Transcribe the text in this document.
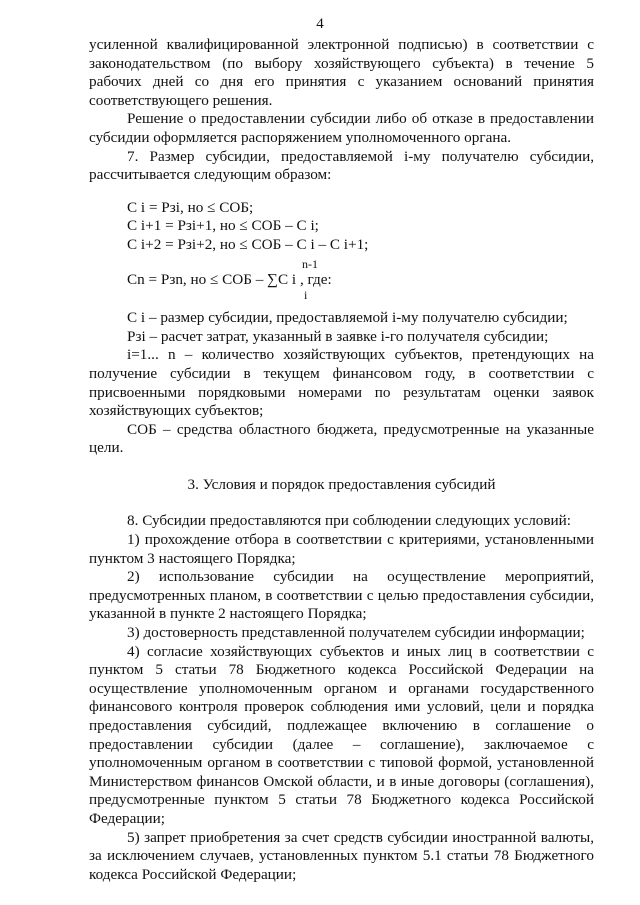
4

усиленной квалифицированной электронной подписью) в соответствии с законодательством (по выбору хозяйствующего субъекта) в течение 5 рабочих дней со дня его принятия с указанием оснований принятия соответствующего решения.

Решение о предоставлении субсидии либо об отказе в предоставлении субсидии оформляется распоряжением уполномоченного органа.

7. Размер субсидии, предоставляемой i-му получателю субсидии, рассчитывается следующим образом:

С i = Рзi, но ≤ СОБ;
С i+1 = Рзi+1, но ≤ СОБ – С i;
С i+2 = Рзi+2, но ≤ СОБ – С i – С i+1;
n-1
Сn = Рзn, но ≤ СОБ – ∑С i , где:
i

С i – размер субсидии, предоставляемой i-му получателю субсидии;

Рзi – расчет затрат, указанный в заявке i-го получателя субсидии;

i=1... n – количество хозяйствующих субъектов, претендующих на получение субсидии в текущем финансовом году, в соответствии с присвоенными порядковыми номерами по результатам оценки заявок хозяйствующих субъектов;

СОБ – средства областного бюджета, предусмотренные на указанные цели.

3. Условия и порядок предоставления субсидий

8. Субсидии предоставляются при соблюдении следующих условий:

1) прохождение отбора в соответствии с критериями, установленными пунктом 3 настоящего Порядка;

2) использование субсидии на осуществление мероприятий, предусмотренных планом, в соответствии с целью предоставления субсидии, указанной в пункте 2 настоящего Порядка;

3) достоверность представленной получателем субсидии информации;

4) согласие хозяйствующих субъектов и иных лиц в соответствии с пунктом 5 статьи 78 Бюджетного кодекса Российской Федерации на осуществление уполномоченным органом и органами государственного финансового контроля проверок соблюдения ими условий, цели и порядка предоставления субсидий, подлежащее включению в соглашение о предоставлении субсидии (далее – соглашение), заключаемое с уполномоченным органом в соответствии с типовой формой, установленной Министерством финансов Омской области, и в иные договоры (соглашения), предусмотренные пунктом 5 статьи 78 Бюджетного кодекса Российской Федерации;

5) запрет приобретения за счет средств субсидии иностранной валюты, за исключением случаев, установленных пунктом 5.1 статьи 78 Бюджетного кодекса Российской Федерации;
